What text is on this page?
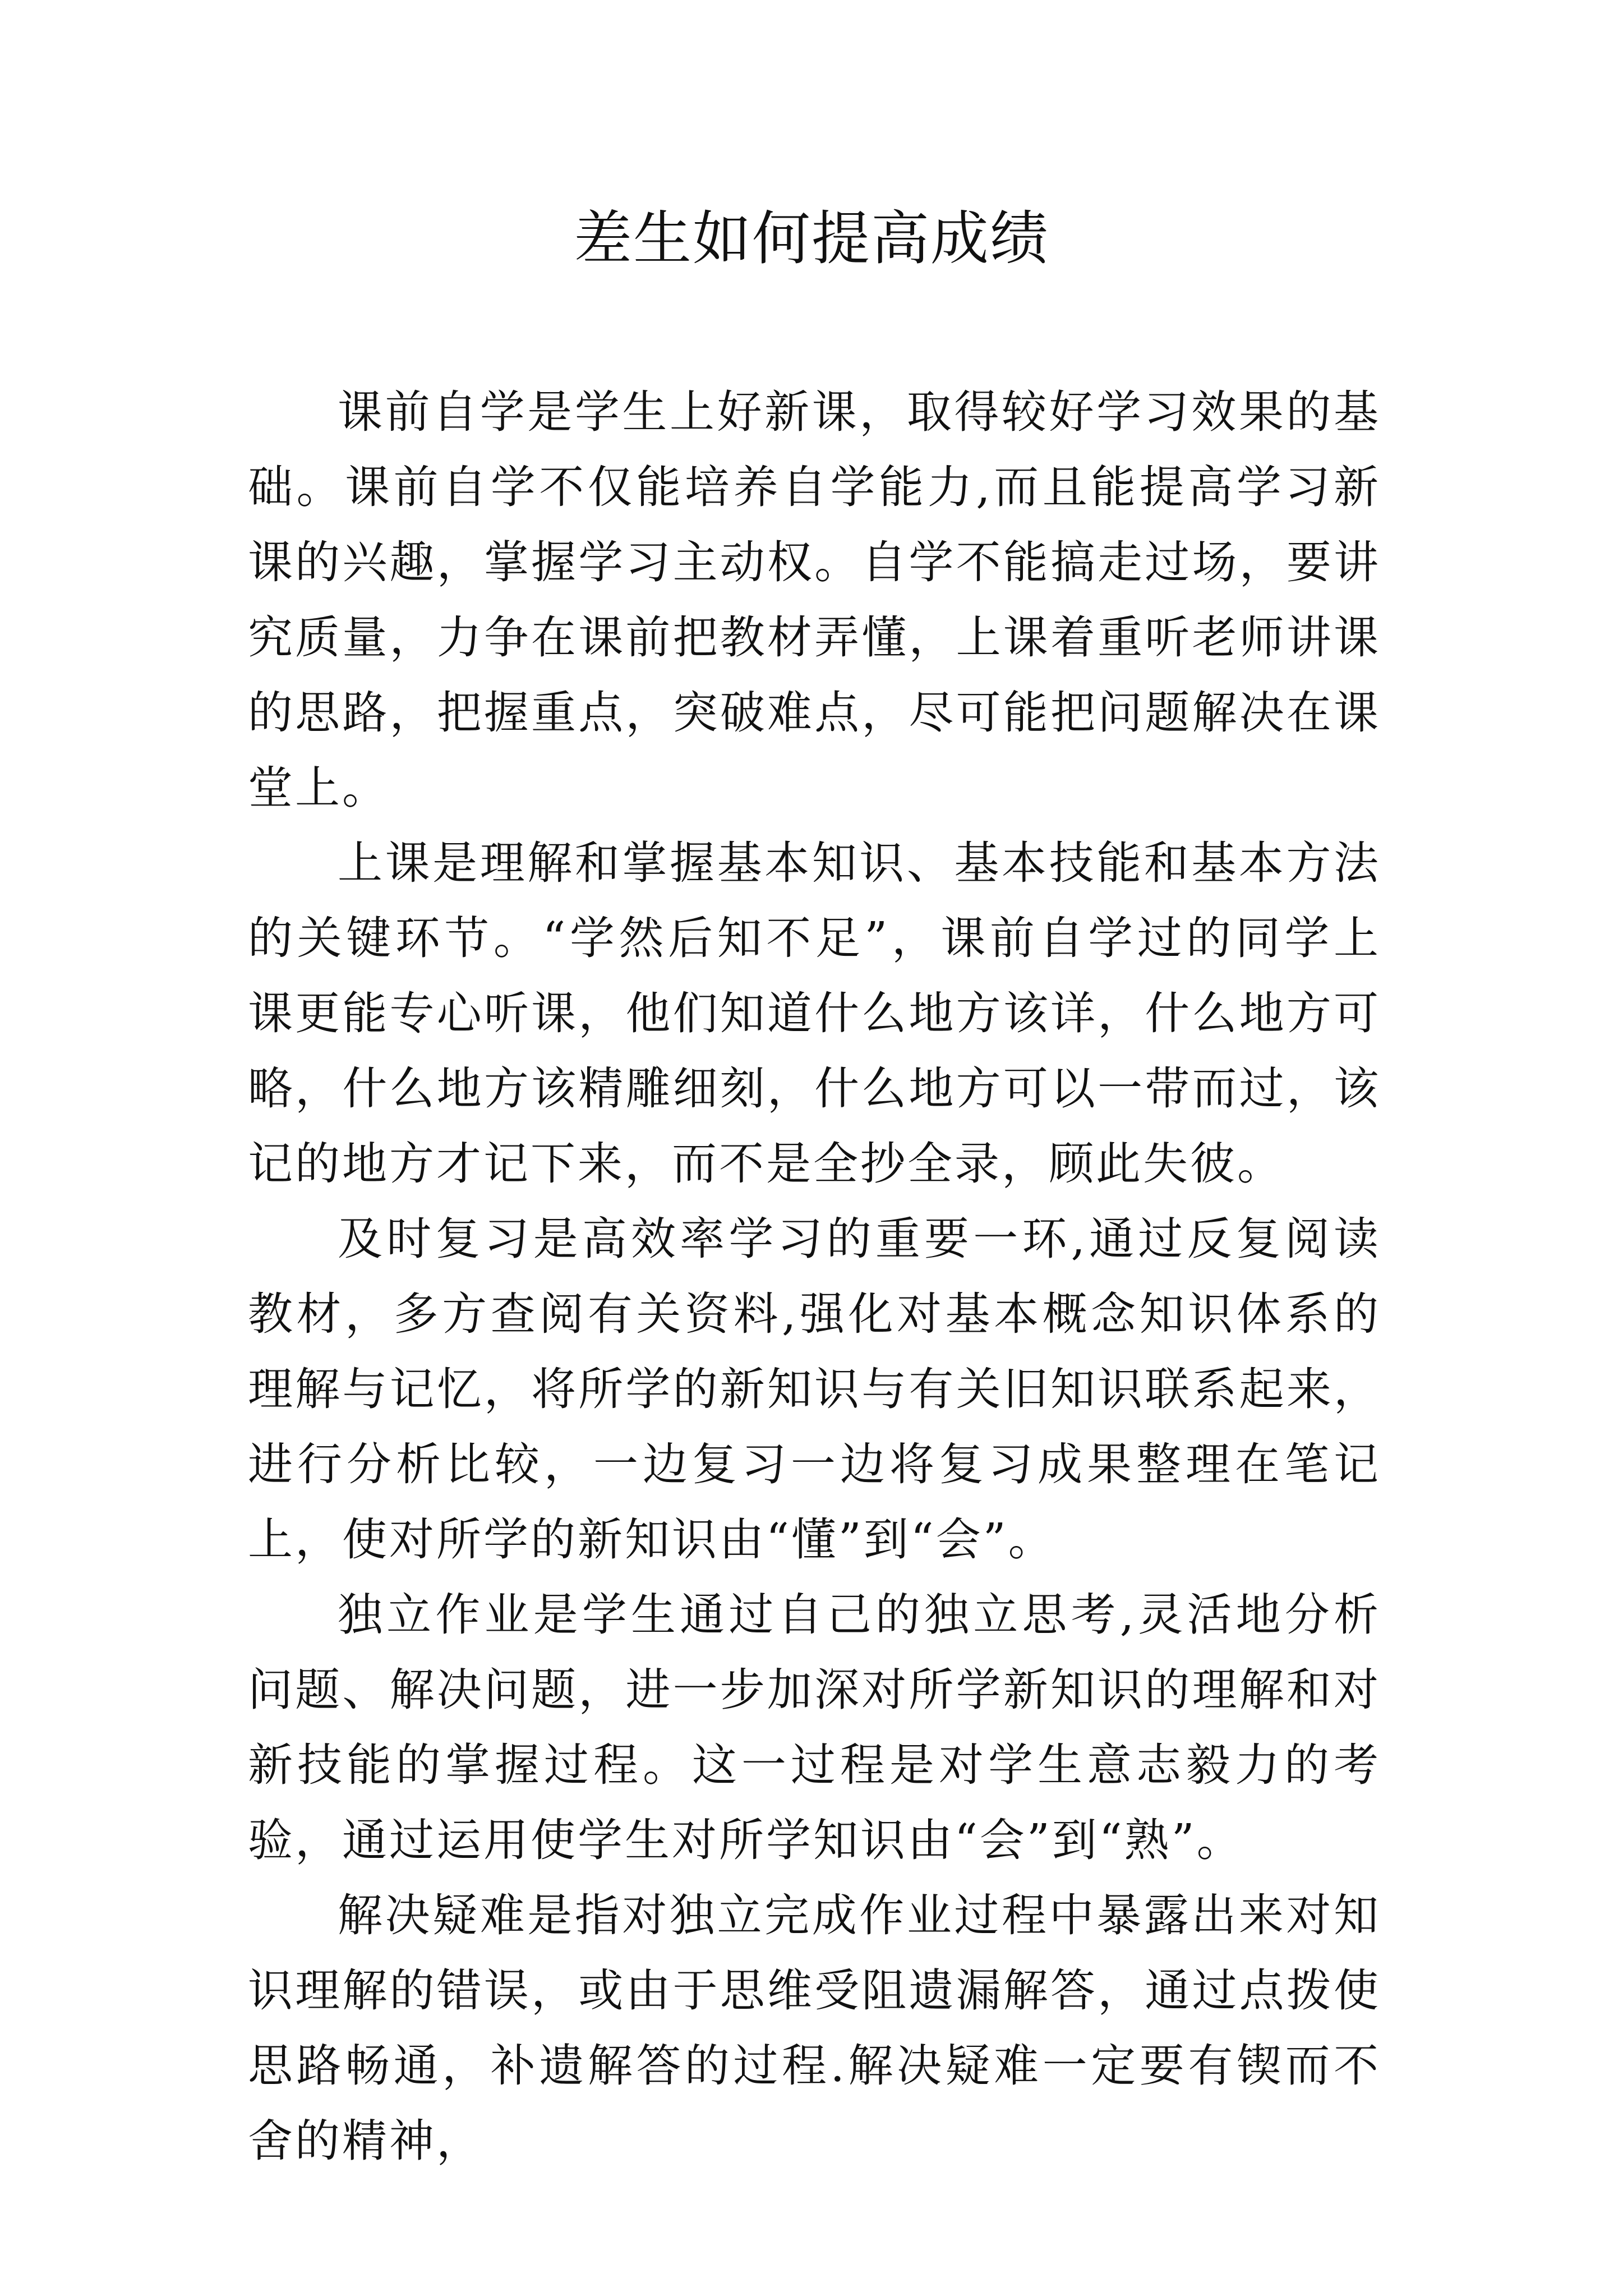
差生如何提高成绩

课前自学是学生上好新课，取得较好学习效果的基础。课前自学不仅能培养自学能力,而且能提高学习新课的兴趣，掌握学习主动权。自学不能搞走过场，要讲究质量，力争在课前把教材弄懂，上课着重听老师讲课的思路，把握重点，突破难点，尽可能把问题解决在课堂上。

上课是理解和掌握基本知识、基本技能和基本方法的关键环节。“学然后知不足”，课前自学过的同学上课更能专心听课，他们知道什么地方该详，什么地方可略，什么地方该精雕细刻，什么地方可以一带而过，该记的地方才记下来，而不是全抄全录，顾此失彼。

及时复习是高效率学习的重要一环,通过反复阅读教材，多方查阅有关资料,强化对基本概念知识体系的理解与记忆，将所学的新知识与有关旧知识联系起来，进行分析比较，一边复习一边将复习成果整理在笔记上，使对所学的新知识由“懂”到“会”。

独立作业是学生通过自己的独立思考,灵活地分析问题、解决问题，进一步加深对所学新知识的理解和对新技能的掌握过程。这一过程是对学生意志毅力的考验，通过运用使学生对所学知识由“会”到“熟”。

解决疑难是指对独立完成作业过程中暴露出来对知识理解的错误，或由于思维受阻遗漏解答，通过点拨使思路畅通，补遗解答的过程.解决疑难一定要有锲而不舍的精神，
